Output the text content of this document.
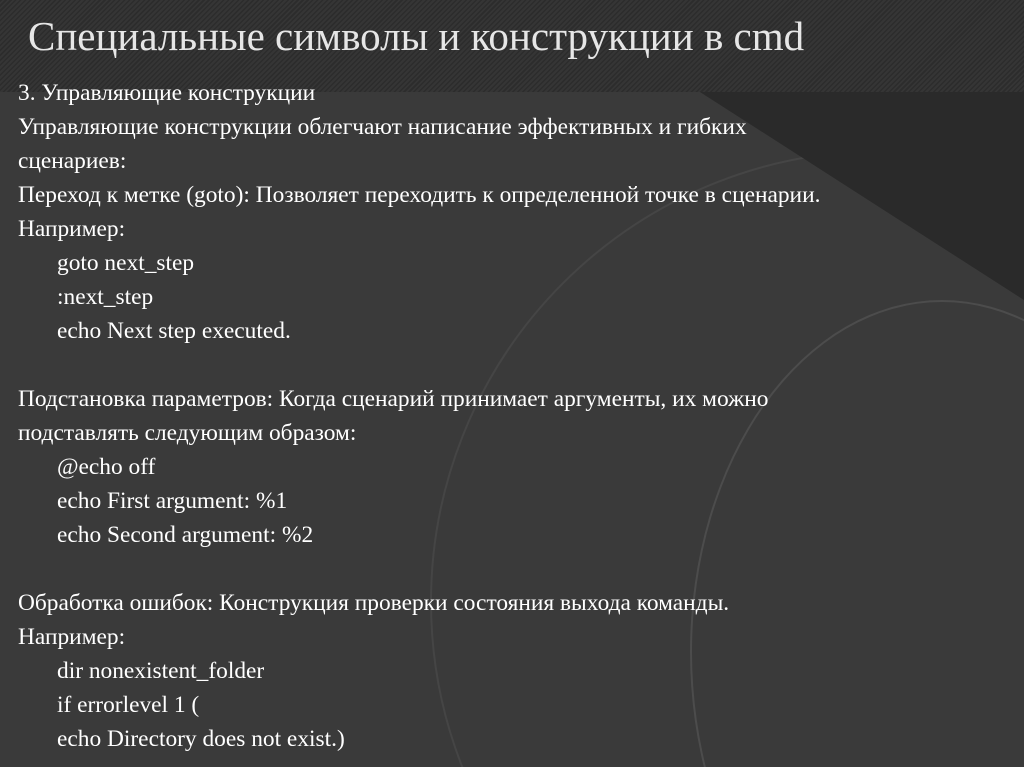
Специальные символы и конструкции в cmd
3. Управляющие конструкции
Управляющие конструкции облегчают написание эффективных и гибких
сценариев:
Переход к метке (goto): Позволяет переходить к определенной точке в сценарии.
Например:
goto next_step
:next_step
echo Next step executed.
Подстановка параметров: Когда сценарий принимает аргументы, их можно
подставлять следующим образом:
@echo off
echo First argument: %1
echo Second argument: %2
Обработка ошибок: Конструкция проверки состояния выхода команды.
Например:
dir nonexistent_folder
if errorlevel 1 (
echo Directory does not exist.)
